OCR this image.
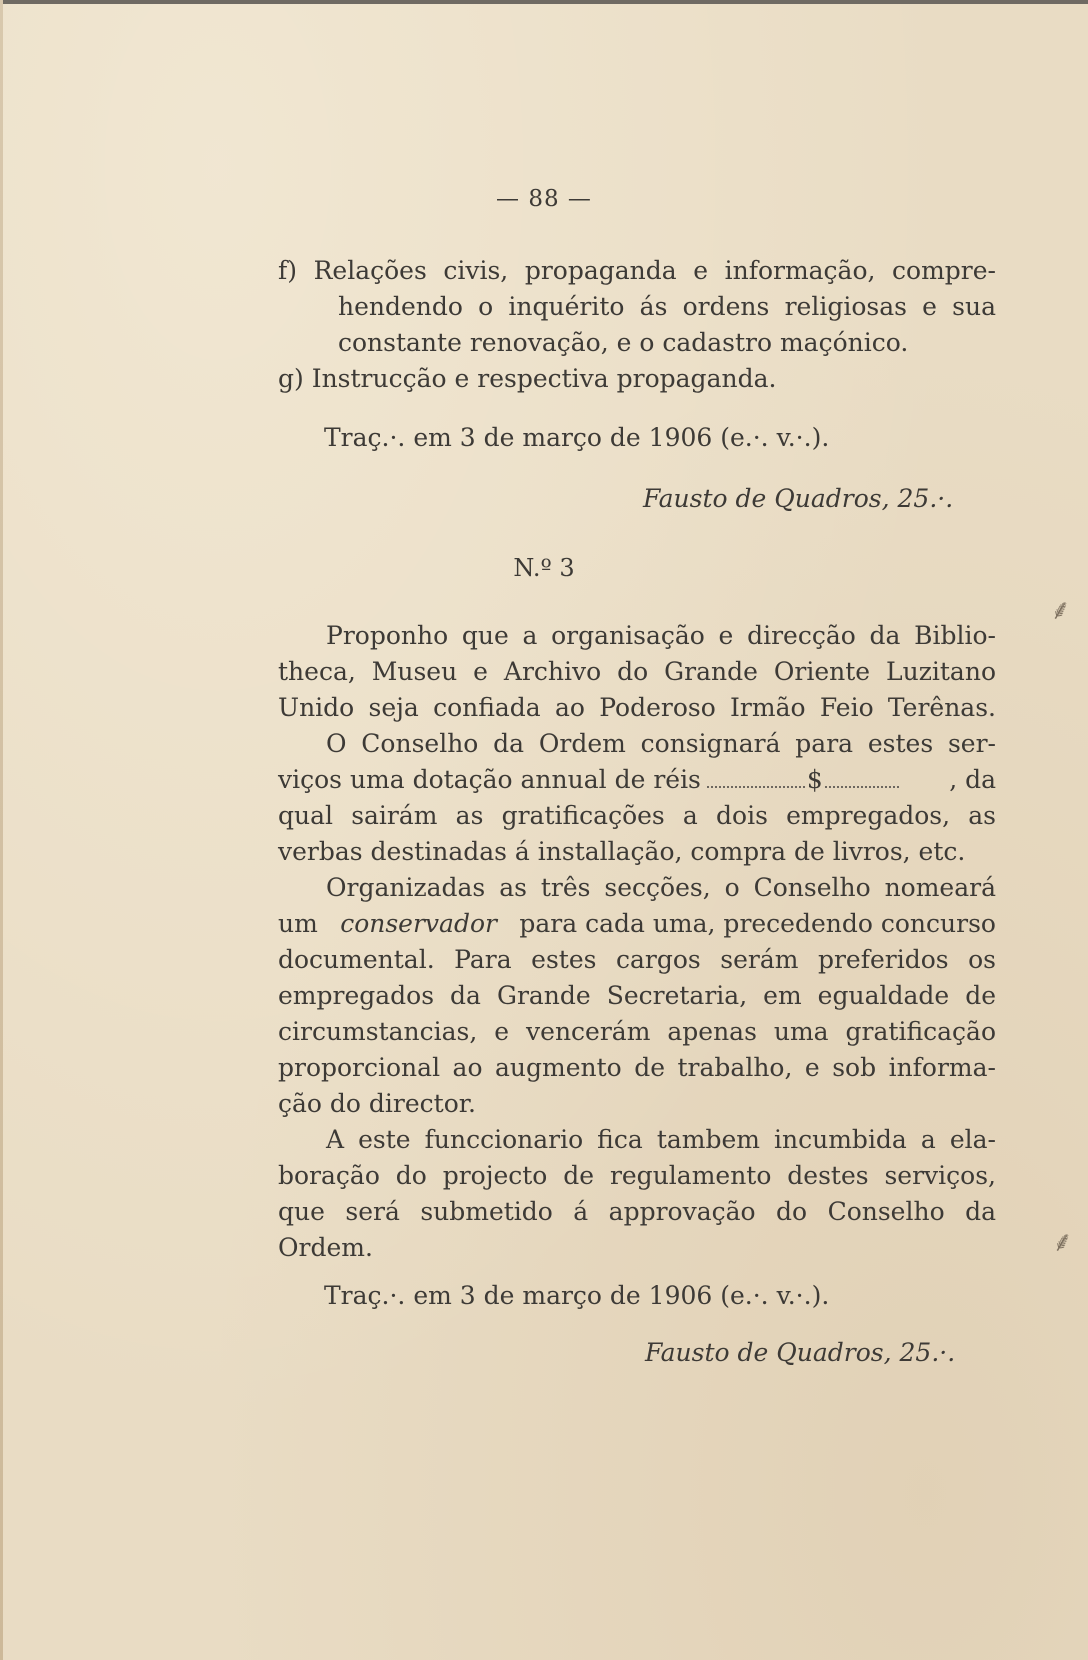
— 88 —
f) Relações civis, propaganda e informação, compre-
hendendo o inquérito ás ordens religiosas e sua
constante renovação, e o cadastro maçónico.
g) Instrucção e respectiva propaganda.
Traç.·. em 3 de março de 1906 (e.·. v.·.).
Fausto de Quadros, 25.·.
N.º 3
Proponho que a organisação e direcção da Biblio-
theca, Museu e Archivo do Grande Oriente Luzitano
Unido seja confiada ao Poderoso Irmão Feio Terênas.
O Conselho da Ordem consignará para estes ser-
viços uma dotação annual de réis	$	, da
qual sairám as gratificações a dois empregados, as
verbas destinadas á installação, compra de livros, etc.
Organizadas as três secções, o Conselho nomeará
um conservador para cada uma, precedendo concurso
documental. Para estes cargos serám preferidos os
empregados da Grande Secretaria, em egualdade de
circumstancias, e vencerám apenas uma gratificação
proporcional ao augmento de trabalho, e sob informa-
ção do director.
A este funccionario fica tambem incumbida a ela-
boração do projecto de regulamento destes serviços,
que será submetido á approvação do Conselho da
Ordem.
Traç.·. em 3 de março de 1906 (e.·. v.·.).
Fausto de Quadros, 25.·.
⸙
⸙
